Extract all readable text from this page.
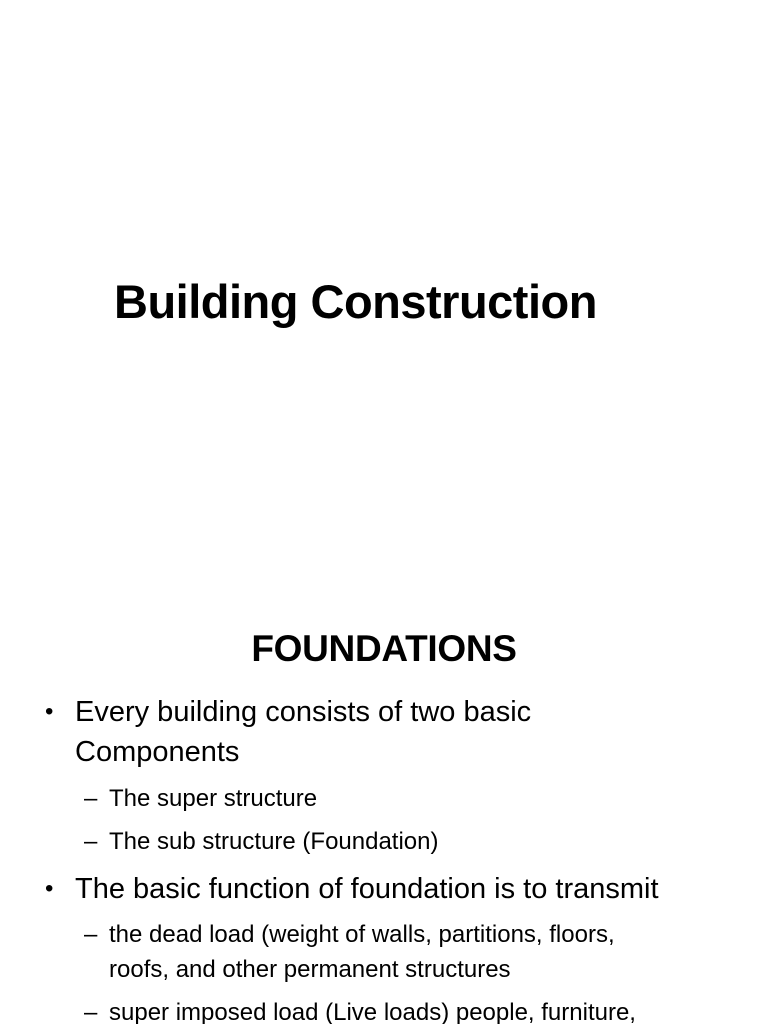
Building Construction
FOUNDATIONS
• Every building consists of two basic
Components
– The super structure
– The sub structure (Foundation)
• The basic function of foundation is to transmit
– the dead load (weight of walls, partitions, floors,
roofs, and other permanent structures
– super imposed load (Live loads) people, furniture,
